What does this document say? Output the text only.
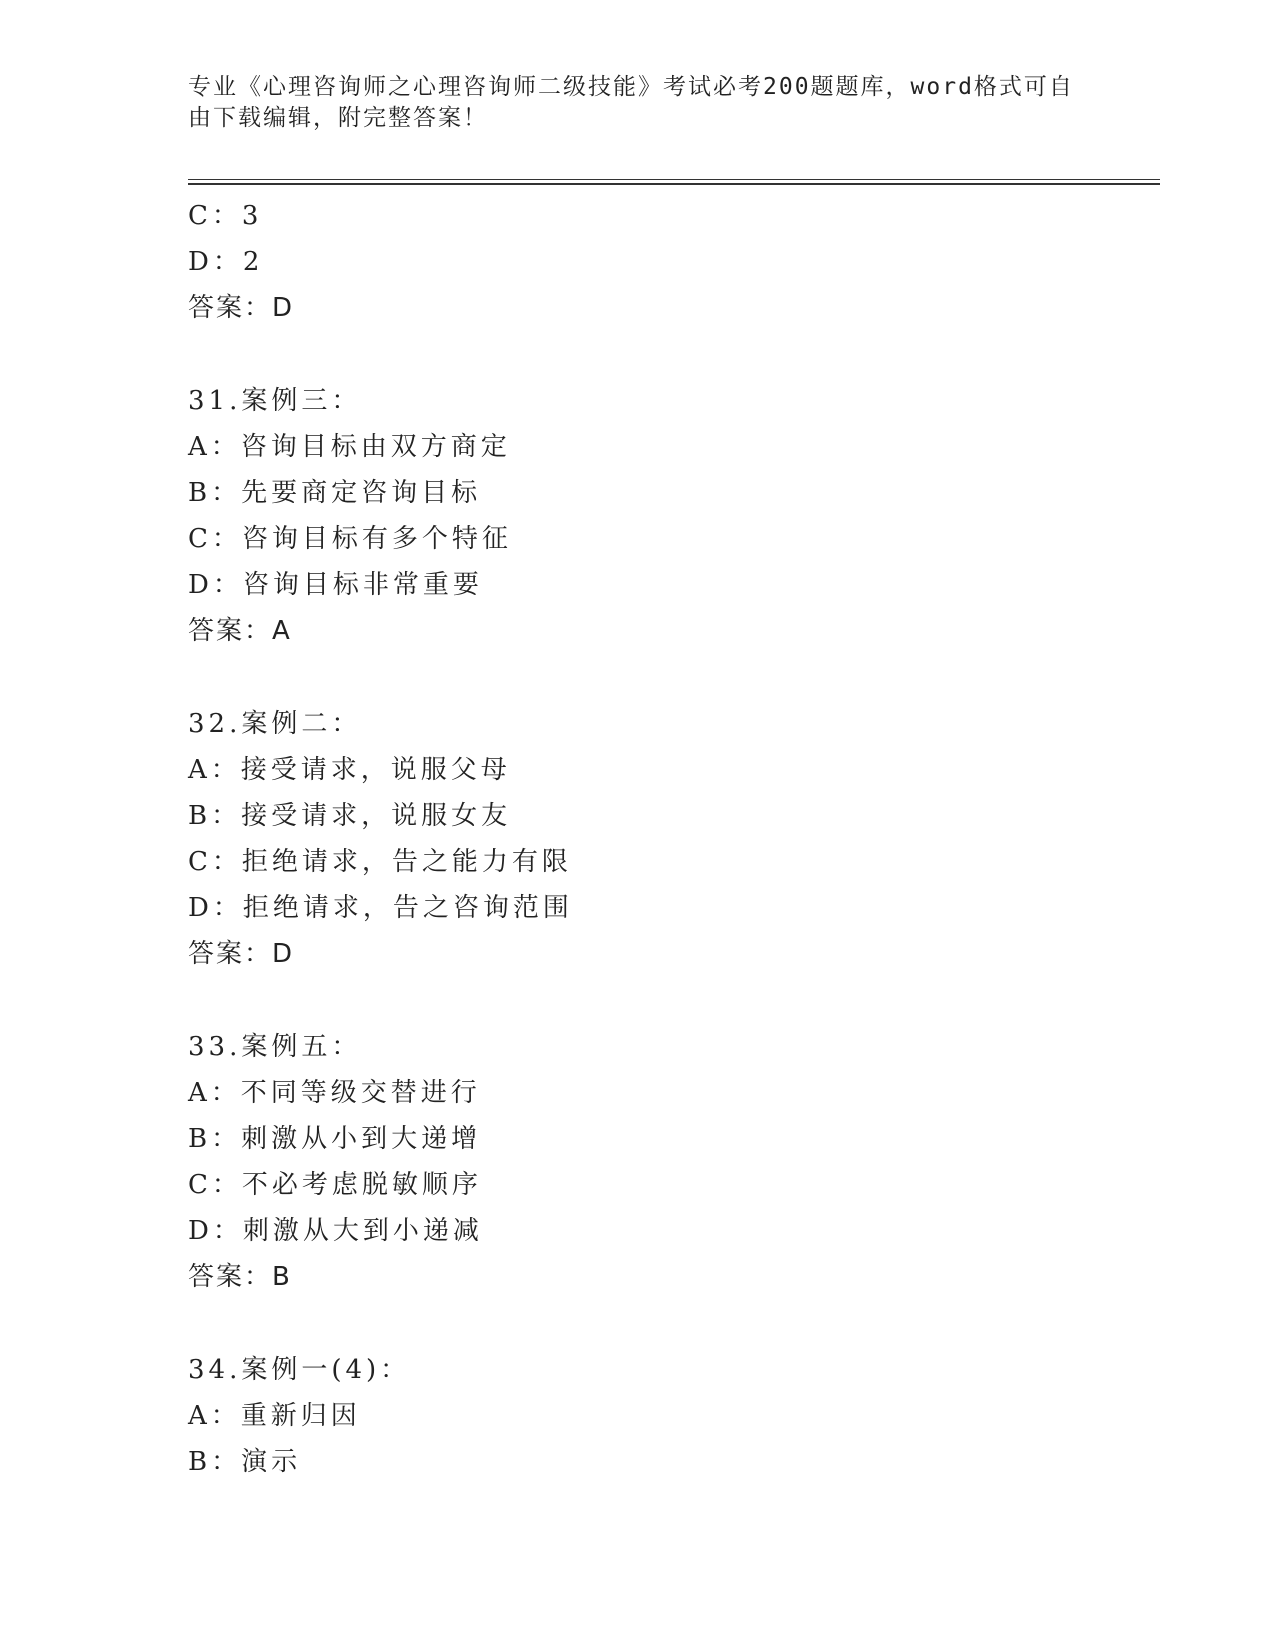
专业《心理咨询师之心理咨询师二级技能》考试必考200题题库，word格式可自
由下载编辑，附完整答案！
C：3
D：2
答案：D
31.案例三：
A：咨询目标由双方商定
B：先要商定咨询目标
C：咨询目标有多个特征
D：咨询目标非常重要
答案：A
32.案例二：
A：接受请求，说服父母
B：接受请求，说服女友
C：拒绝请求，告之能力有限
D：拒绝请求，告之咨询范围
答案：D
33.案例五：
A：不同等级交替进行
B：刺激从小到大递增
C：不必考虑脱敏顺序
D：刺激从大到小递减
答案：B
34.案例一(4)：
A：重新归因
B：演示
